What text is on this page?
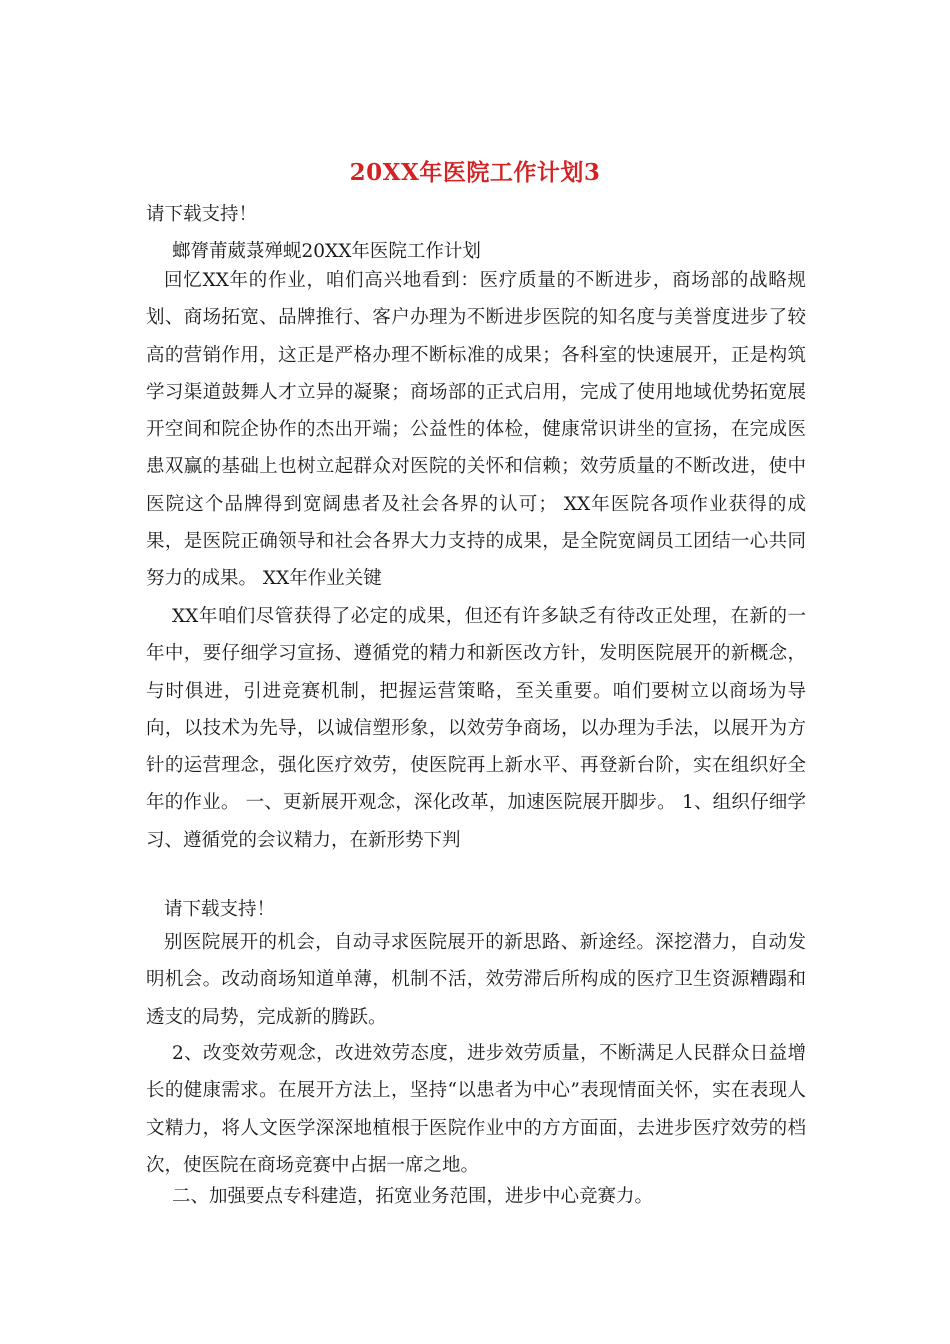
20XX年医院工作计划3

请下载支持！

螂膂莆葳菉殚蚬20XX年医院工作计划

回忆XX年的作业，咱们高兴地看到：医疗质量的不断进步，商场部的战略规划、商场拓宽、品牌推行、客户办理为不断进步医院的知名度与美誉度进步了较高的营销作用，这正是严格办理不断标准的成果；各科室的快速展开，正是构筑学习渠道鼓舞人才立异的凝聚；商场部的正式启用，完成了使用地域优势拓宽展开空间和院企协作的杰出开端；公益性的体检，健康常识讲坐的宣扬，在完成医患双赢的基础上也树立起群众对医院的关怀和信赖；效劳质量的不断改进，使中医院这个品牌得到宽阔患者及社会各界的认可； XX年医院各项作业获得的成果，是医院正确领导和社会各界大力支持的成果，是全院宽阔员工团结一心共同努力的成果。 XX年作业关键

XX年咱们尽管获得了必定的成果，但还有许多缺乏有待改正处理，在新的一年中，要仔细学习宣扬、遵循党的精力和新医改方针，发明医院展开的新概念，与时俱进，引进竞赛机制，把握运营策略，至关重要。咱们要树立以商场为导向，以技术为先导，以诚信塑形象，以效劳争商场，以办理为手法，以展开为方针的运营理念，强化医疗效劳，使医院再上新水平、再登新台阶，实在组织好全年的作业。 一、更新展开观念，深化改革，加速医院展开脚步。 1、组织仔细学习、遵循党的会议精力，在新形势下判

请下载支持！

别医院展开的机会，自动寻求医院展开的新思路、新途经。深挖潜力，自动发明机会。改动商场知道单薄，机制不活，效劳滞后所构成的医疗卫生资源糟蹋和透支的局势，完成新的腾跃。

2、改变效劳观念，改进效劳态度，进步效劳质量，不断满足人民群众日益增长的健康需求。在展开方法上，坚持“以患者为中心”表现情面关怀，实在表现人文精力，将人文医学深深地植根于医院作业中的方方面面，去进步医疗效劳的档次，使医院在商场竞赛中占据一席之地。

二、加强要点专科建造，拓宽业务范围，进步中心竞赛力。
